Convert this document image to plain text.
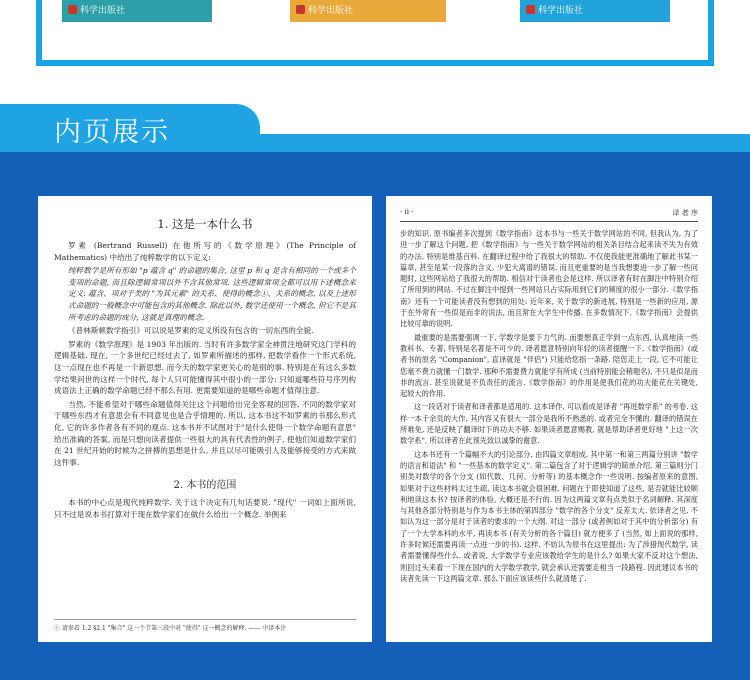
科学出版社	科学出版社	科学出版社
内页展示
1. 这是一本什么书

罗素 (Bertrand Russell) 在他所写的《数学原理》(The Principle of Mathematics) 中给出了纯粹数学的以下定义:

纯粹数学是所有形如 "p 蕴含 q" 的命题的集合, 这里 p 和 q 是含有相同的一个或多个变项的命题, 而且除逻辑常项以外不含其他常项. 这些逻辑常项全都可以用下述概念来定义: 蕴含、项对于类的 "为其元素" 的关系、使得的概念①、关系的概念, 以及上述形式命题的一般概念中可能包含的其他概念. 除此以外, 数学还使用一个概念, 但它不是其所考虑的命题的成分, 这就是真理的概念.

《普林斯顿数学指引》可以说是罗素的定义所没有包含的一切东西的全貌.

罗素的《数学原理》是 1903 年出版的. 当时有许多数学家全神贯注地研究这门学科的逻辑基础. 现在, 一个多世纪已经过去了, 如罗素所描述的那样, 把数学看作一个形式系统, 这一点现在也不再是一个新思想. 而今天的数学家更关心的是别的事. 特别是在有这么多数学结果问世的这样一个时代, 每个人只可能懂得其中很小的一部分: 只知道哪些符号序列构成语法上正确的数学命题已经不那么有用. 更需要知道的是哪些命题才值得注意.

当然, 不能希望对于哪些命题值得关注这个问题给出完全客观的回答, 不同的数学家对于哪些东西才有意思会有不同意见也是合乎情理的. 所以, 这本书这不如罗素的书那么形式化, 它的许多作者各有不同的观点. 这本书并不试图对于"是什么使得一个数学命题有意思" 给出准确的答案, 而是只想向读者提供一些很大的具有代表性的例子, 使他们知道数学家们在 21 世纪开始的时候为之拼搏的思想是什么, 并且以尽可能吸引人及能够接受的方式来做这件事.

2. 本书的范围

本书的中心点是现代纯粹数学. 关于这个决定有几句话要说. "现代" 一词如上面所说, 只不过是说本书打算对于现在数学家们在做什么给出一个概念. 举例来

① 请参看 1.2 §2.1 "集合" 这一个节第三段中对 "使得" 这一概念的解释. —— 中译本注
· ii ·	译 者 序

步的知识. 原书编者多次提到《数学指南》这本书与一些关于数学网站的不同, 但我认为, 为了进一步了解这个问题, 把《数学指南》与一些关于数学网站的相关条目结合起来读不失为有效的办法. 特别是维基百科. 在翻译过程中给了我很大的帮助. 不仅使我能更准确地了解此书某一篇章, 甚至是某一段落的含义, 少犯大离谱的错误. 而且更重要的是当我想要进一步了解一些问题时, 这些网站给了我很大的帮助. 相信对于读者也会是这样. 所以译者有时在脚注中特别介绍了所用到的网站. 不过在脚注中提到一些网站只占实际用到它们的频度的很小一部分.《数学指南》还有一个可能读者没有想到的用处: 近年来, 关于数学的新进展, 特别是一些新的应用, 源于在外常有一些似是而非的说法, 而且常在大学生中传播. 在多数情况下,《数学指南》会提供比较可靠的说明.

最重要的是需要强调一下, 学数学是要下力气的. 而要想真正学到一点东西, 认真地读一些教科书、专著, 特别是名著是不可少的. 译者愿意特别向年轻的读者提醒一下,《数学指南》(或者书的原名 "Companion", 直译就是 "伴侣") 只能给您指一条路. 陪您走上一段, 它不可能让您毫不费力就懂一门数学. 那种不需要费力就能学有所成 (当前特别能会稍题名), 不只是似是而非的流言. 甚至说就是不负责任的流言.《数学指南》的作用是使我们花的功夫能花在关键处, 起较大的作用.

这一段话对于读者和译者都是适用的. 这本译作, 可以看成是译者 "再进数学系" 的考卷. 这样一本千余页的大作, 其内容又有很大一部分是我所不熟悉的. 或者完全不懂的. 翻译的错误在所难免, 还是反映了翻译时下的功夫不够. 如果读者愿意赐教, 就是帮助译者更好地 "上这一次数学系", 所以译者在此预先致以诚挚的谢意.

这本书还有一个篇幅不大的引论部分, 由四篇文章组成. 其中第一和第三两篇分别讲 "数学的语言和语法" 和 "一些基本的数学定义". 第二篇包含了对于逻辑学的简单介绍, 第三篇则分门别类对数学的各个分支 (如代数、几何、分析等) 的基本概念作一些说明. 按编者原来的意图, 如果对于这些材料太过生疏, 读这本书就会很困难. 问题在于即使知道了这些, 是否就能比较顺利地读这本书? 按译者的体验, 大概还是不行的. 因为这两篇文章有点类似于名词解释. 其深度与其他各部分特别是与作为本书主体的第四部分 "数学的各个分支" 反差太大. 依译者之见, 不如认为这一部分是对于读者的要求的一个大纲. 对这一部分 (或者例如对于其中的分析部分) 有了一个大学本科的水平, 再读本书 (有关分析的各个篇目) 就方便多了 (当然, 如上面说的那样, 许多时候还需要再读一点进一步的书). 这样, 不妨认为原书在这里提出: 为了涉猎现代数学, 读者需要懂得些什么. 或者说, 大学数学专业应该教给学生的是什么? 如果大家不反对这个想法, 则回过头来看一下现在国内的大学数学教学, 就会承认还需要走相当一段路程. 因此建议本书的读者先读一下这两篇文章. 那么下面应该读些什么就清楚了.
